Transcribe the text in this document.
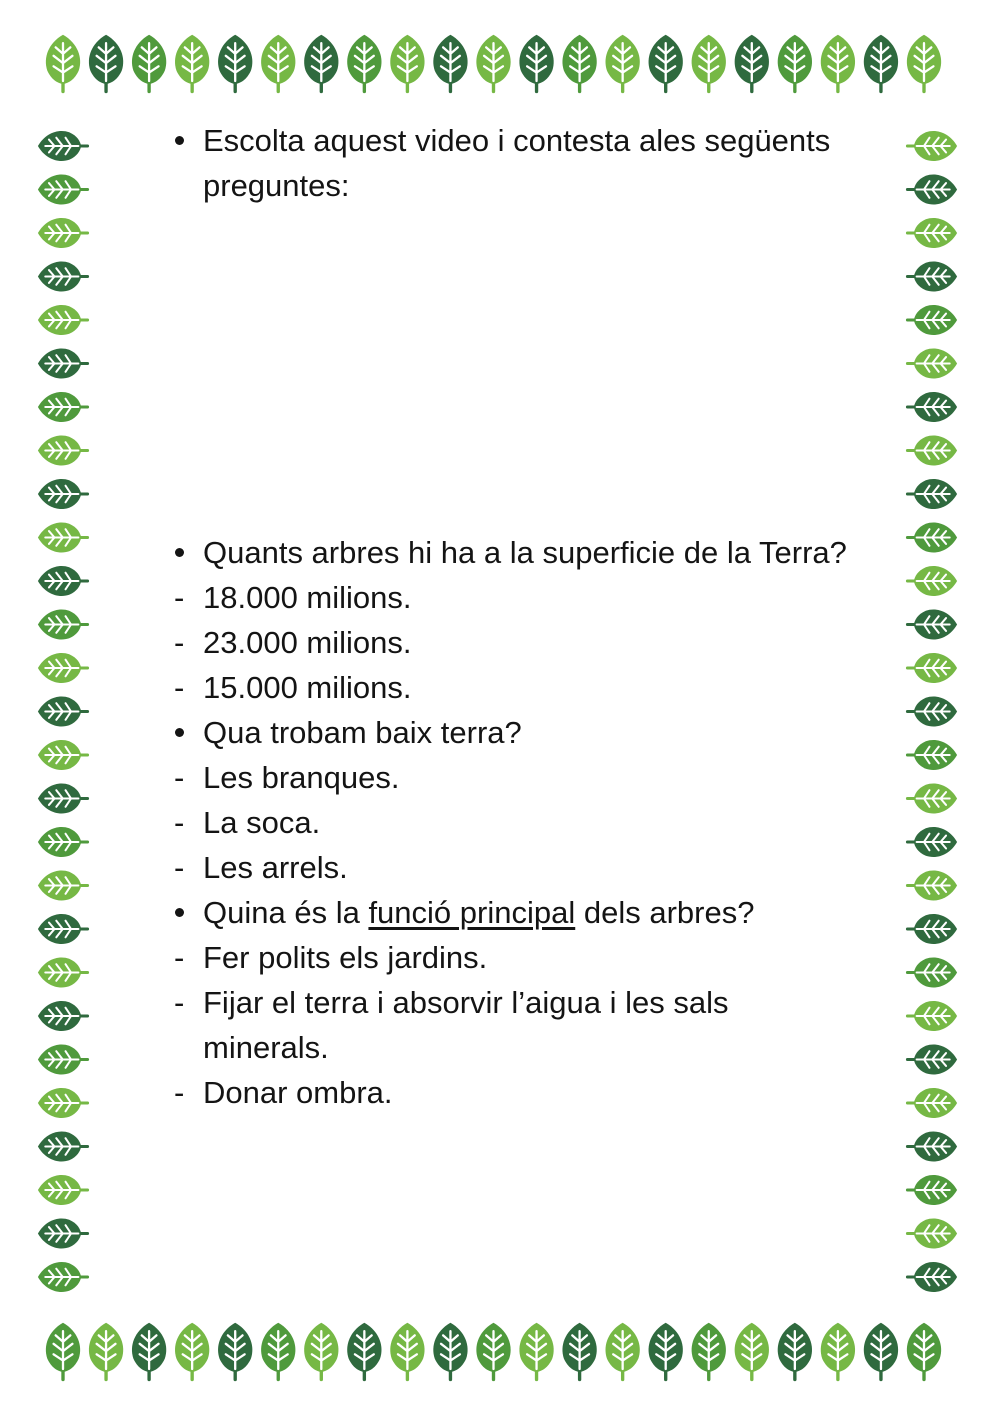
Escolta aquest video i contesta ales següents preguntes:
Quants arbres hi ha a la superficie de la Terra?
- 18.000 milions.
- 23.000 milions.
- 15.000 milions.
Qua trobam baix terra?
- Les branques.
- La soca.
- Les arrels.
Quina és la funció principal dels arbres?
- Fer polits els jardins.
- Fijar el terra i absorvir l’aigua i les sals minerals.
- Donar ombra.
